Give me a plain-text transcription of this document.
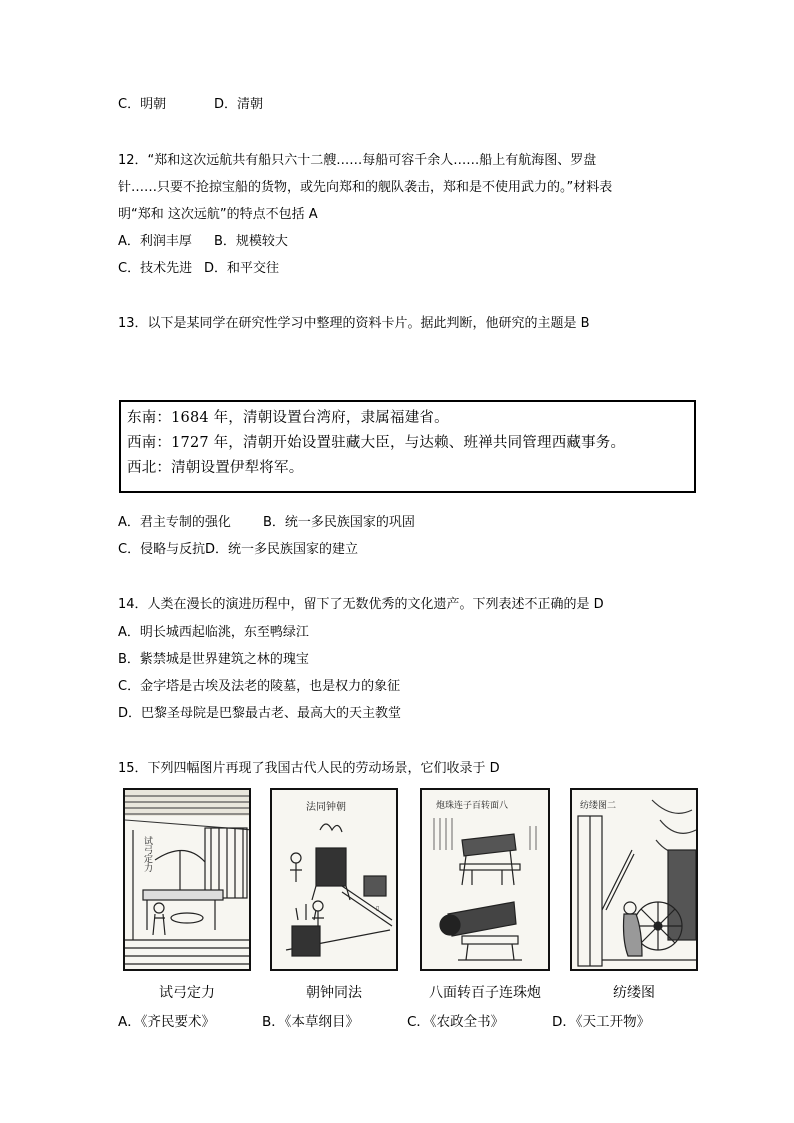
C．明朝	D．清朝
12．“郑和这次远航共有船只六十二艘……每船可容千余人……船上有航海图、罗盘
针……只要不抢掠宝船的货物，或先向郑和的舰队袭击，郑和是不使用武力的。”材料表
明“郑和 这次远航”的特点不包括 A
A．利润丰厚 B．规模较大
C．技术先进 D．和平交往
13．以下是某同学在研究性学习中整理的资料卡片。据此判断，他研究的主题是 B
东南：1684 年，清朝设置台湾府，隶属福建省。
西南：1727 年，清朝开始设置驻藏大臣，与达赖、班禅共同管理西藏事务。
西北：清朝设置伊犁将军。
A．君主专制的强化 B．统一多民族国家的巩固
C．侵略与反抗 D．统一多民族国家的建立
14．人类在漫长的演进历程中，留下了无数优秀的文化遗产。下列表述不正确的是 D
A．明长城西起临洮，东至鸭绿江
B．紫禁城是世界建筑之林的瑰宝
C．金字塔是古埃及法老的陵墓，也是权力的象征
D．巴黎圣母院是巴黎最古老、最高大的天主教堂
15．下列四幅图片再现了我国古代人民的劳动场景，它们收录于 D
试弓定力
法同钟朝
▯
炮珠连子百转面八	纺缕图二
试弓定力	朝钟同法	八面转百子连珠炮	纺缕图
A．《齐民要术》	B．《本草纲目》	C．《农政全书》	D．《天工开物》
